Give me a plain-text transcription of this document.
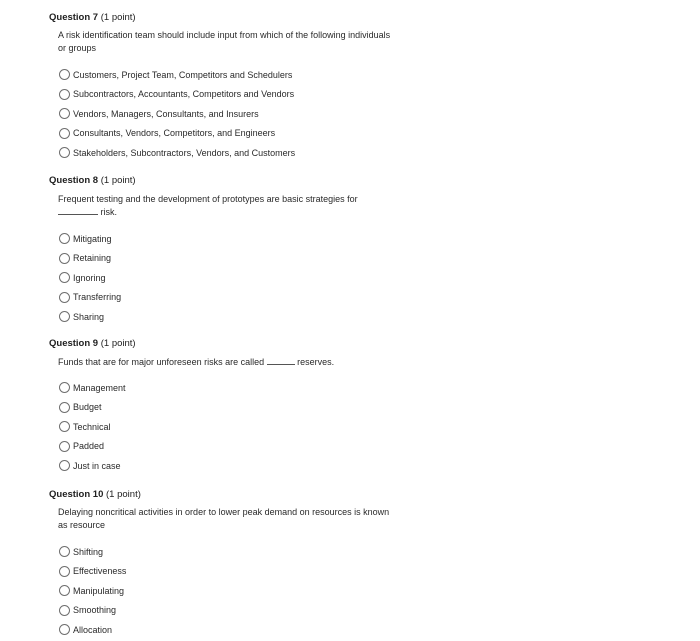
Question 7 (1 point)
A risk identification team should include input from which of the following individuals or groups
Customers, Project Team, Competitors and Schedulers
Subcontractors, Accountants, Competitors and Vendors
Vendors, Managers, Consultants, and Insurers
Consultants, Vendors, Competitors, and Engineers
Stakeholders, Subcontractors, Vendors, and Customers
Question 8 (1 point)
Frequent testing and the development of prototypes are basic strategies for
risk.
Mitigating
Retaining
Ignoring
Transferring
Sharing
Question 9 (1 point)
Funds that are for major unforeseen risks are called	reserves.
Management
Budget
Technical
Padded
Just in case
Question 10 (1 point)
Delaying noncritical activities in order to lower peak demand on resources is known as resource
Shifting
Effectiveness
Manipulating
Smoothing
Allocation
